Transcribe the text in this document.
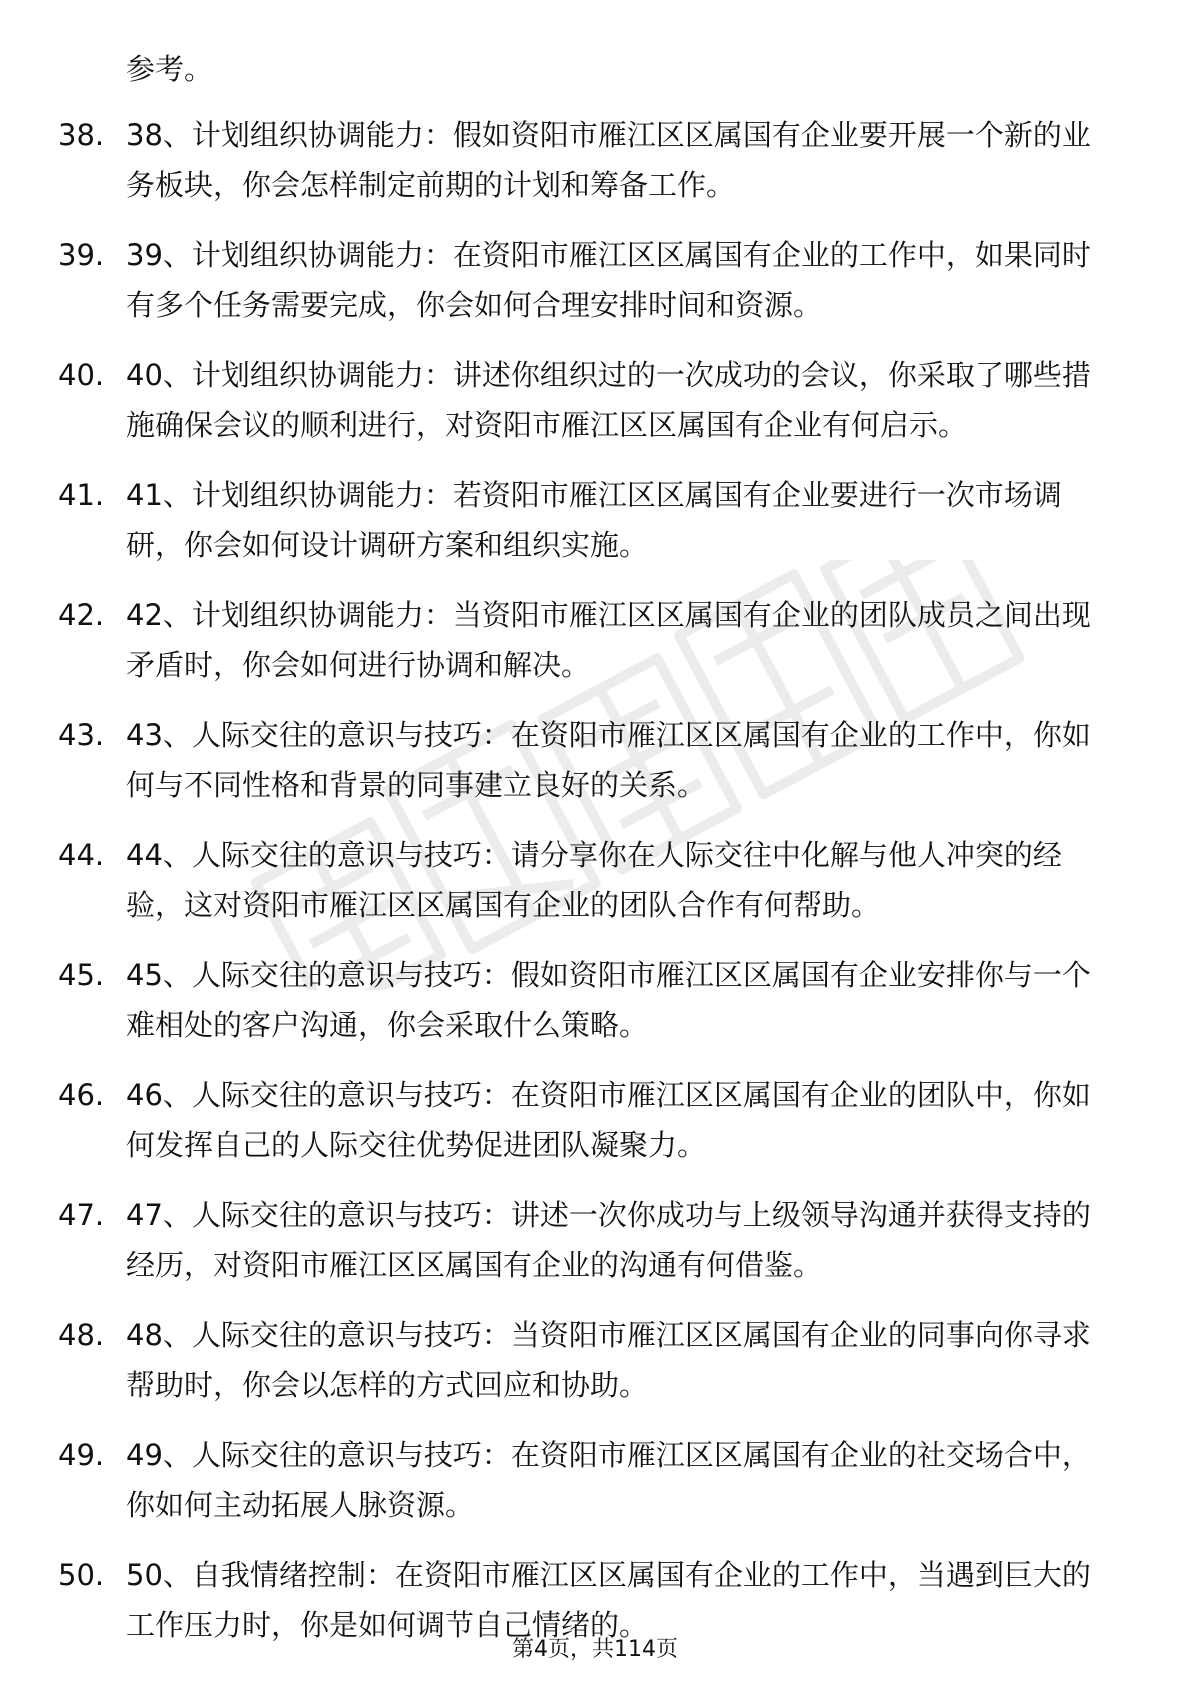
参考。
38. 38、计划组织协调能力：假如资阳市雁江区区属国有企业要开展一个新的业务板块，你会怎样制定前期的计划和筹备工作。
39. 39、计划组织协调能力：在资阳市雁江区区属国有企业的工作中，如果同时有多个任务需要完成，你会如何合理安排时间和资源。
40. 40、计划组织协调能力：讲述你组织过的一次成功的会议，你采取了哪些措施确保会议的顺利进行，对资阳市雁江区区属国有企业有何启示。
41. 41、计划组织协调能力：若资阳市雁江区区属国有企业要进行一次市场调研，你会如何设计调研方案和组织实施。
42. 42、计划组织协调能力：当资阳市雁江区区属国有企业的团队成员之间出现矛盾时，你会如何进行协调和解决。
43. 43、人际交往的意识与技巧：在资阳市雁江区区属国有企业的工作中，你如何与不同性格和背景的同事建立良好的关系。
44. 44、人际交往的意识与技巧：请分享你在人际交往中化解与他人冲突的经验，这对资阳市雁江区区属国有企业的团队合作有何帮助。
45. 45、人际交往的意识与技巧：假如资阳市雁江区区属国有企业安排你与一个难相处的客户沟通，你会采取什么策略。
46. 46、人际交往的意识与技巧：在资阳市雁江区区属国有企业的团队中，你如何发挥自己的人际交往优势促进团队凝聚力。
47. 47、人际交往的意识与技巧：讲述一次你成功与上级领导沟通并获得支持的经历，对资阳市雁江区区属国有企业的沟通有何借鉴。
48. 48、人际交往的意识与技巧：当资阳市雁江区区属国有企业的同事向你寻求帮助时，你会以怎样的方式回应和协助。
49. 49、人际交往的意识与技巧：在资阳市雁江区区属国有企业的社交场合中，你如何主动拓展人脉资源。
50. 50、自我情绪控制：在资阳市雁江区区属国有企业的工作中，当遇到巨大的工作压力时，你是如何调节自己情绪的。
第4页，共114页
